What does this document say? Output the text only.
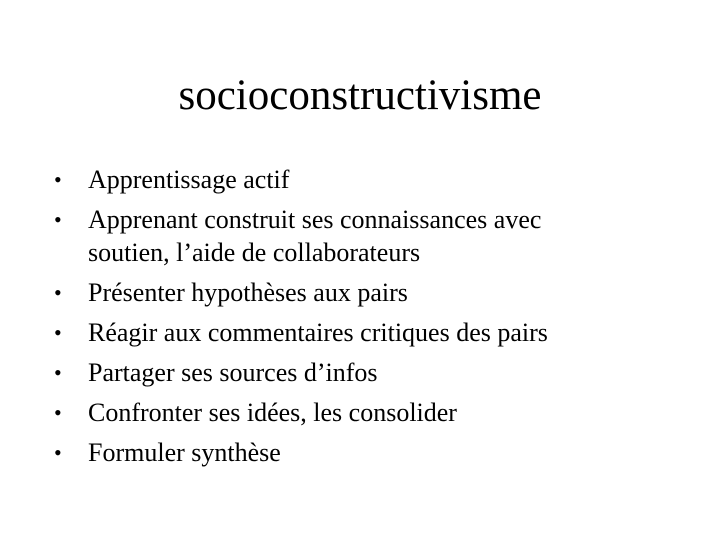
socioconstructivisme
• Apprentissage actif
• Apprenant construit ses connaissances avec
soutien, l’aide de collaborateurs
• Présenter hypothèses aux pairs
• Réagir aux commentaires critiques des pairs
• Partager ses sources d’infos
• Confronter ses idées, les consolider
• Formuler synthèse
